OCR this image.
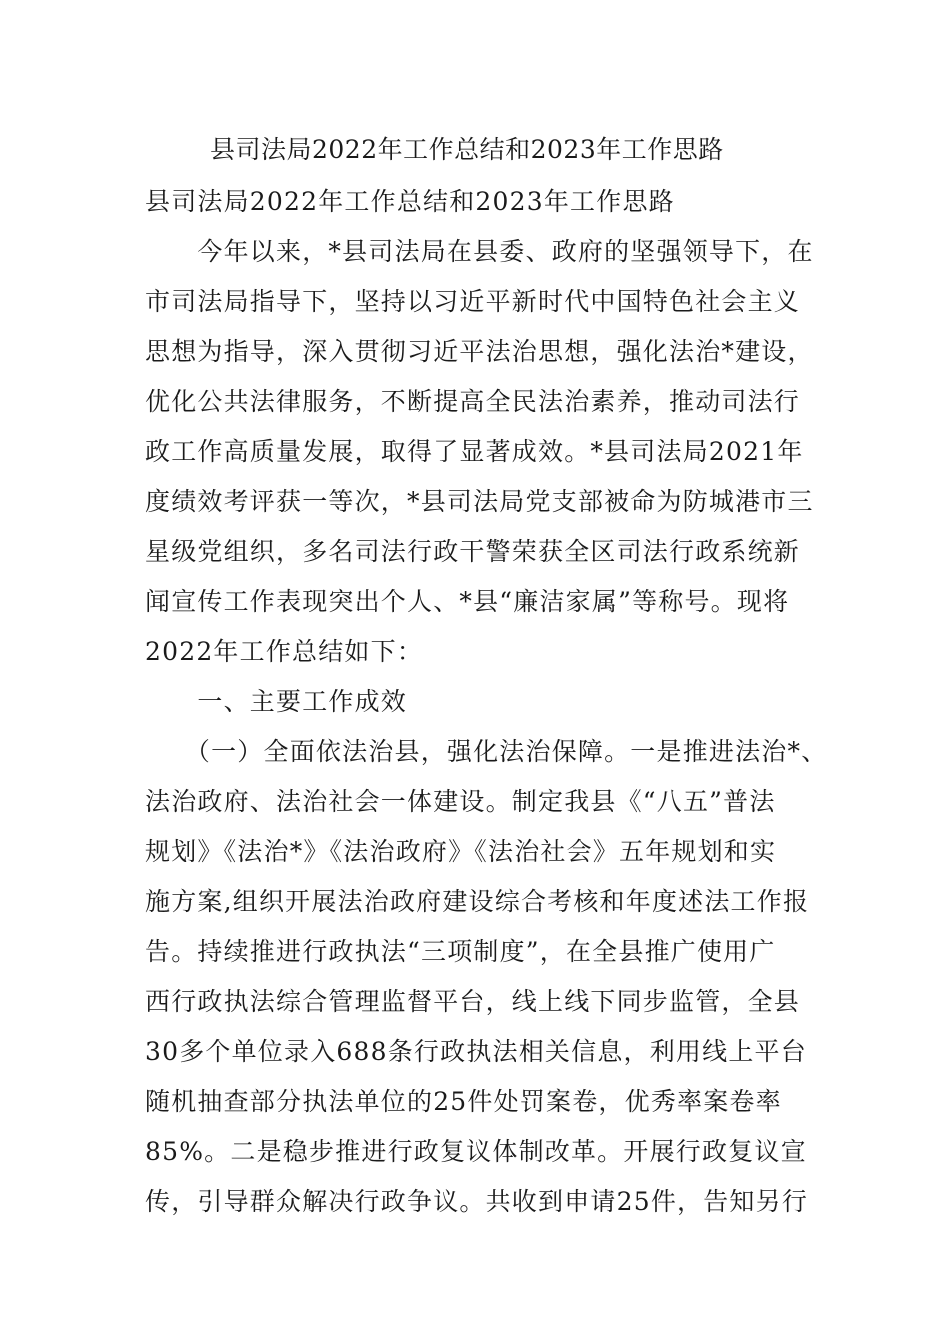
县司法局2022年工作总结和2023年工作思路
县司法局2022年工作总结和2023年工作思路
　　今年以来，*县司法局在县委、政府的坚强领导下，在
市司法局指导下，坚持以习近平新时代中国特色社会主义
思想为指导，深入贯彻习近平法治思想，强化法治*建设，
优化公共法律服务，不断提高全民法治素养，推动司法行
政工作高质量发展，取得了显著成效。*县司法局2021年
度绩效考评获一等次，*县司法局党支部被命为防城港市三
星级党组织，多名司法行政干警荣获全区司法行政系统新
闻宣传工作表现突出个人、*县“廉洁家属”等称号。现将
2022年工作总结如下：
　　一、主要工作成效
　　（一）全面依法治县，强化法治保障。一是推进法治*、
法治政府、法治社会一体建设。制定我县《“八五”普法
规划》《法治*》《法治政府》《法治社会》五年规划和实
施方案,组织开展法治政府建设综合考核和年度述法工作报
告。持续推进行政执法“三项制度”，在全县推广使用广
西行政执法综合管理监督平台，线上线下同步监管，全县
30多个单位录入688条行政执法相关信息，利用线上平台
随机抽查部分执法单位的25件处罚案卷，优秀率案卷率
85%。二是稳步推进行政复议体制改革。开展行政复议宣
传，引导群众解决行政争议。共收到申请25件，告知另行
